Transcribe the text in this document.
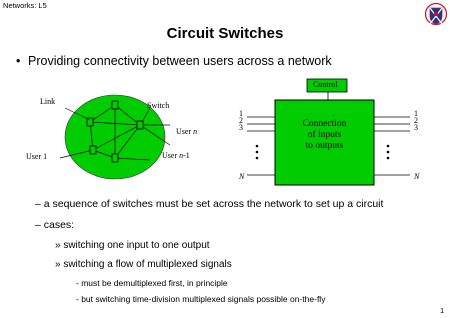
Networks: L5
Circuit Switches
• Providing connectivity between users across a network
Link	Switch
User 1
User n
User n-1
Control
Connection
of inputs
to outputs
1
2
3
1
2
3
N	N
– a sequence of switches must be set across the network to set up a circuit
– cases:
» switching one input to one output
» switching a flow of multiplexed signals
- must be demultiplexed first, in principle
- but switching time-division multiplexed signals possible on-the-fly
1
